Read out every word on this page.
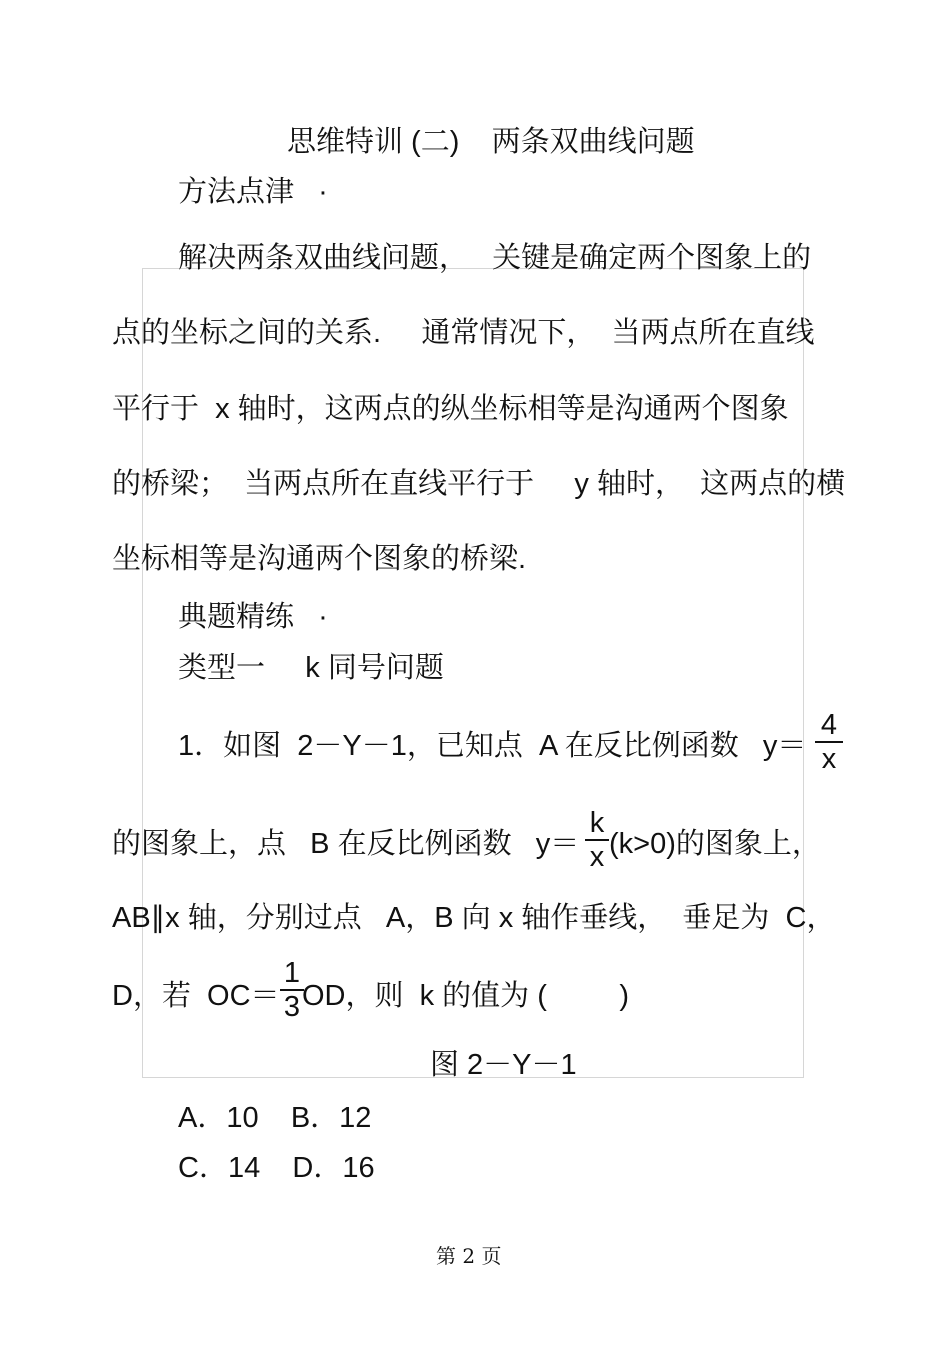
思维特训 (二)    两条双曲线问题
方法点津   ·
解决两条双曲线问题，   关键是确定两个图象上的
点的坐标之间的关系.     通常情况下，  当两点所在直线
平行于  x 轴时，这两点的纵坐标相等是沟通两个图象
的桥梁；  当两点所在直线平行于     y 轴时，  这两点的横
坐标相等是沟通两个图象的桥梁.
典题精练   ·
类型一     k 同号问题
1．如图  2－Y－1，已知点  A 在反比例函数   y＝
4
x
的图象上，点   B 在反比例函数   y＝
k
x (k>0)的图象上，
AB∥x 轴，分别过点   A，B 向 x 轴作垂线，  垂足为  C，
D，若  OC＝
1
3 OD，则  k 的值为 (         )
图 2－Y－1
A．10    B．12
C．14    D．16
第 2 页
